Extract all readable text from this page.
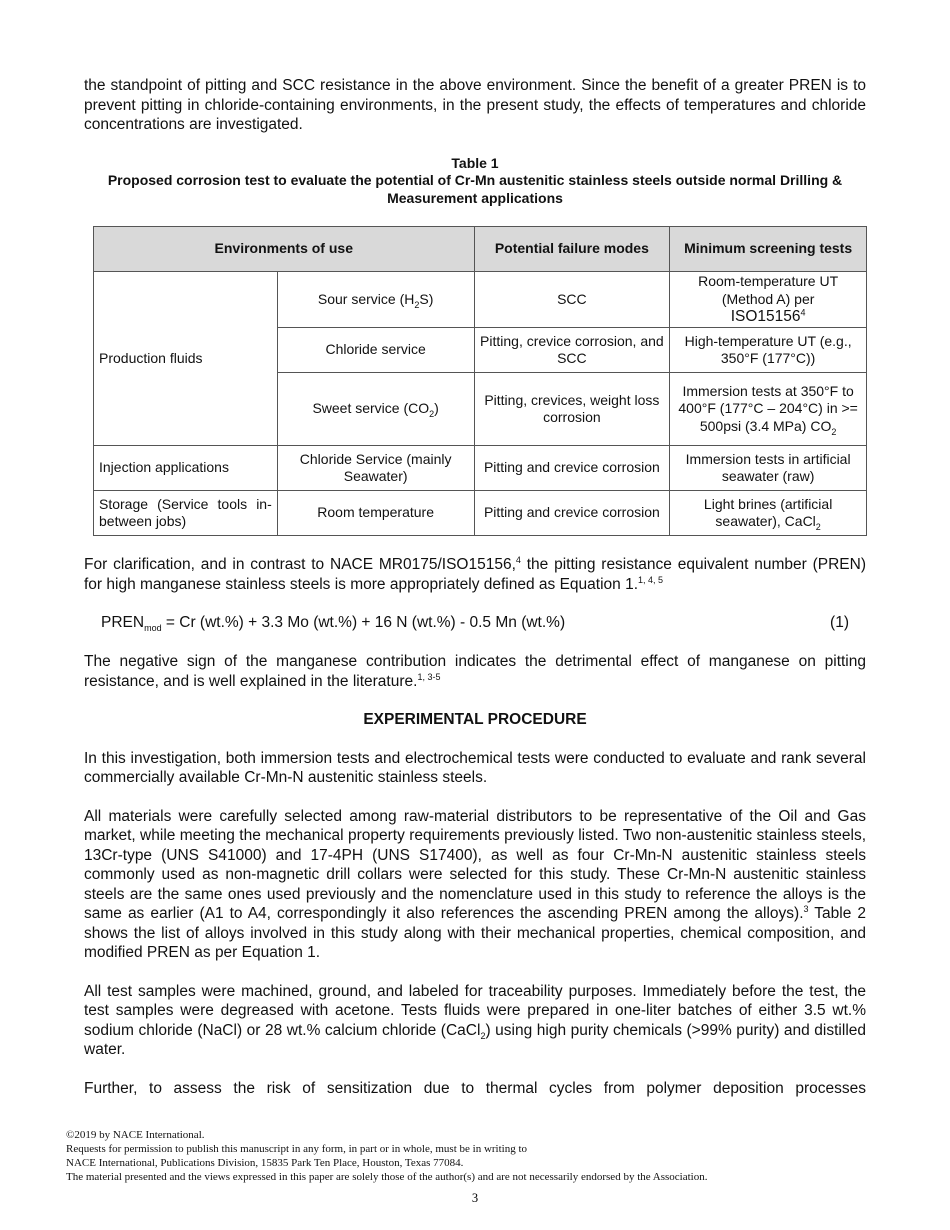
the standpoint of pitting and SCC resistance in the above environment. Since the benefit of a greater PREN is to prevent pitting in chloride-containing environments, in the present study, the effects of temperatures and chloride concentrations are investigated.

Table 1
Proposed corrosion test to evaluate the potential of Cr-Mn austenitic stainless steels outside normal Drilling & Measurement applications
Environments of use		Potential failure modes	Minimum screening tests
Production fluids	Sour service $(H_2S)$	SCC	Room-temperature UT (Method A) per
ISO15156$^4$
	Chloride service	Pitting, crevice corrosion, and SCC	High-temperature UT (e.g., 350°F (177°C))
	Sweet service $(CO_2)$	Pitting, crevices, weight loss corrosion	Immersion tests at 350°F to 400°F (177°C – 204°C) in >= 500psi (3.4 MPa) $CO_2$
Injection applications	Chloride Service (mainly Seawater)	Pitting and crevice corrosion	Immersion tests in artificial seawater (raw)
Storage (Service tools in-between jobs)	Room temperature	Pitting and crevice corrosion	Light brines (artificial seawater), CaCl$_2$

For clarification, and in contrast to NACE MR0175/ISO15156,$^4$ the pitting resistance equivalent number (PREN) for high manganese stainless steels is more appropriately defined as Equation 1.$^{1, 4, 5}$

$PREN_{mod} = Cr$ (wt.%) + 3.3 Mo (wt.%) + 16 N (wt.%) - 0.5 Mn (wt.%)	(1)

The negative sign of the manganese contribution indicates the detrimental effect of manganese on pitting resistance, and is well explained in the literature.$^{1, 3-5}$

EXPERIMENTAL PROCEDURE

In this investigation, both immersion tests and electrochemical tests were conducted to evaluate and rank several commercially available Cr-Mn-N austenitic stainless steels.

All materials were carefully selected among raw-material distributors to be representative of the Oil and Gas market, while meeting the mechanical property requirements previously listed. Two non-austenitic stainless steels, 13Cr-type (UNS S41000) and 17-4PH (UNS S17400), as well as four Cr-Mn-N austenitic stainless steels commonly used as non-magnetic drill collars were selected for this study. These Cr-Mn-N austenitic stainless steels are the same ones used previously and the nomenclature used in this study to reference the alloys is the same as earlier (A1 to A4, correspondingly it also references the ascending PREN among the alloys).$^3$ Table 2 shows the list of alloys involved in this study along with their mechanical properties, chemical composition, and modified PREN as per Equation 1.

All test samples were machined, ground, and labeled for traceability purposes. Immediately before the test, the test samples were degreased with acetone. Tests fluids were prepared in one-liter batches of either 3.5 wt.% sodium chloride (NaCl) or 28 wt.% calcium chloride (CaCl$_2$) using high purity chemicals (>99% purity) and distilled water.

Further, to assess the risk of sensitization due to thermal cycles from polymer deposition processes

©2019 by NACE International.
Requests for permission to publish this manuscript in any form, in part or in whole, must be in writing to
NACE International, Publications Division, 15835 Park Ten Place, Houston, Texas 77084.
The material presented and the views expressed in this paper are solely those of the author(s) and are not necessarily endorsed by the Association.
3
